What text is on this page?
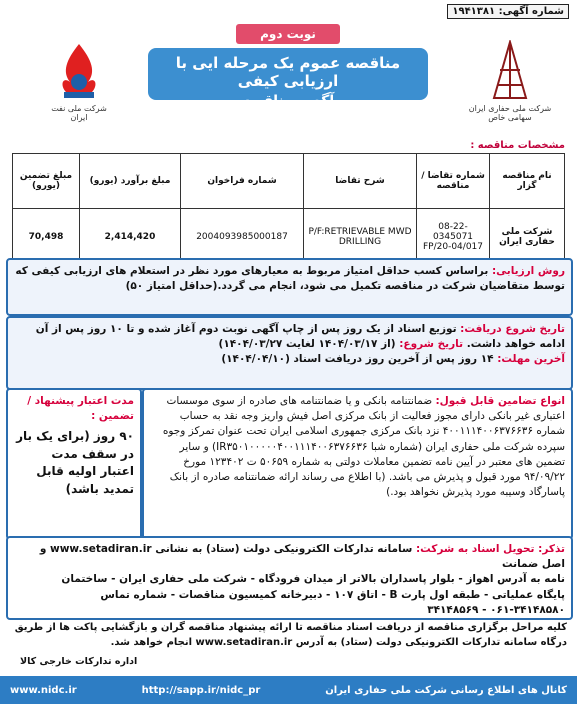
شماره آگهی: ۱۹۴۱۳۸۱
شرکت ملی حفاری ایران
سهامی خاص
نوبت دوم
مناقصه عموم یک مرحله ایی با ارزیابی کیفی
آگهی مناقصه
شرکت ملی نفت ایران
مشخصات مناقصه :
نام مناقصه گزار	شماره تقاضا / مناقصه	شرح تقاضا	شماره فراخوان	مبلغ برآورد (یورو)	مبلغ تضمین (یورو)
شرکت ملی حفاری ایران	08-22-0345071 FP/20-04/017	P/F:RETRIEVABLE MWD DRILLING	2004093985000187	2,414,420	70,498
روش ارزیابی: براساس کسب حداقل امتیاز مربوط به معیارهای مورد نظر در استعلام های ارزیابی کیفی که توسط متقاضیان شرکت در مناقصه تکمیل می شود، انجام می گردد.(حداقل امتیاز ۵۰)
تاریخ شروع دریافت: توزیع اسناد از یک روز پس از چاپ آگهی نوبت دوم آغاز شده و تا ۱۰ روز پس از آن ادامه خواهد داشت. تاریخ شروع: (از ۱۴۰۴/۰۳/۱۷ لغایت ۱۴۰۴/۰۳/۲۷)
آخرین مهلت: ۱۴ روز پس از آخرین روز دریافت اسناد (۱۴۰۴/۰۴/۱۰)
انواع تضامین قابل قبول: ضمانتنامه بانکی و یا ضمانتنامه های صادره از سوی موسسات اعتباری غیر بانکی دارای مجوز فعالیت از بانک مرکزی اصل فیش واریز وجه نقد به حساب شماره ۴۰۰۱۱۱۴۰۰۶۳۷۶۶۳۶ نزد بانک مرکزی جمهوری اسلامی ایران تحت عنوان تمرکز وجوه سپرده شرکت ملی حفاری ایران (شماره شبا IR۳۵۰۱۰۰۰۰۰۴۰۰۱۱۱۴۰۰۶۳۷۶۶۳۶) و سایر تضمین های معتبر در آیین نامه تضمین معاملات دولتی به شماره ۵۰۶۵۹ ت ۱۲۳۴۰۲ مورخ ۹۴/۰۹/۲۲ مورد قبول و پذیرش می باشد. (با اطلاع می رساند ارائه ضمانتنامه صادره از بانک پاسارگاد وسیبه مورد پذیرش نخواهد بود.)
مدت اعتبار پیشنهاد / تضمین :
۹۰ روز (برای یک بار در سقف مدت اعتبار اولیه قابل تمدید باشد)
تذکر: تحویل اسناد به شرکت: سامانه تدارکات الکترونیکی دولت (ستاد) به نشانی www.setadiran.ir و اصل ضمانت
نامه به آدرس اهواز - بلوار پاسداران بالاتر از میدان فرودگاه - شرکت ملی حفاری ایران - ساختمان
پایگاه عملیاتی - طبقه اول پارت B - اتاق ۱۰۷ - دبیرخانه کمیسیون مناقصات - شماره تماس
۰۶۱-۳۴۱۴۸۵۸۰ - ۳۴۱۴۸۵۶۹
کلیه مراحل برگزاری مناقصه از دریافت اسناد مناقصه تا ارائه پیشنهاد مناقصه گران و بازگشایی پاکت ها از طریق درگاه سامانه تدارکات الکترونیکی دولت (ستاد) به آدرس www.setadiran.ir انجام خواهد شد.
اداره تدارکات خارجی کالا
کانال های اطلاع رسانی شرکت ملی حفاری ایران
http://sapp.ir/nidc_pr
www.nidc.ir
